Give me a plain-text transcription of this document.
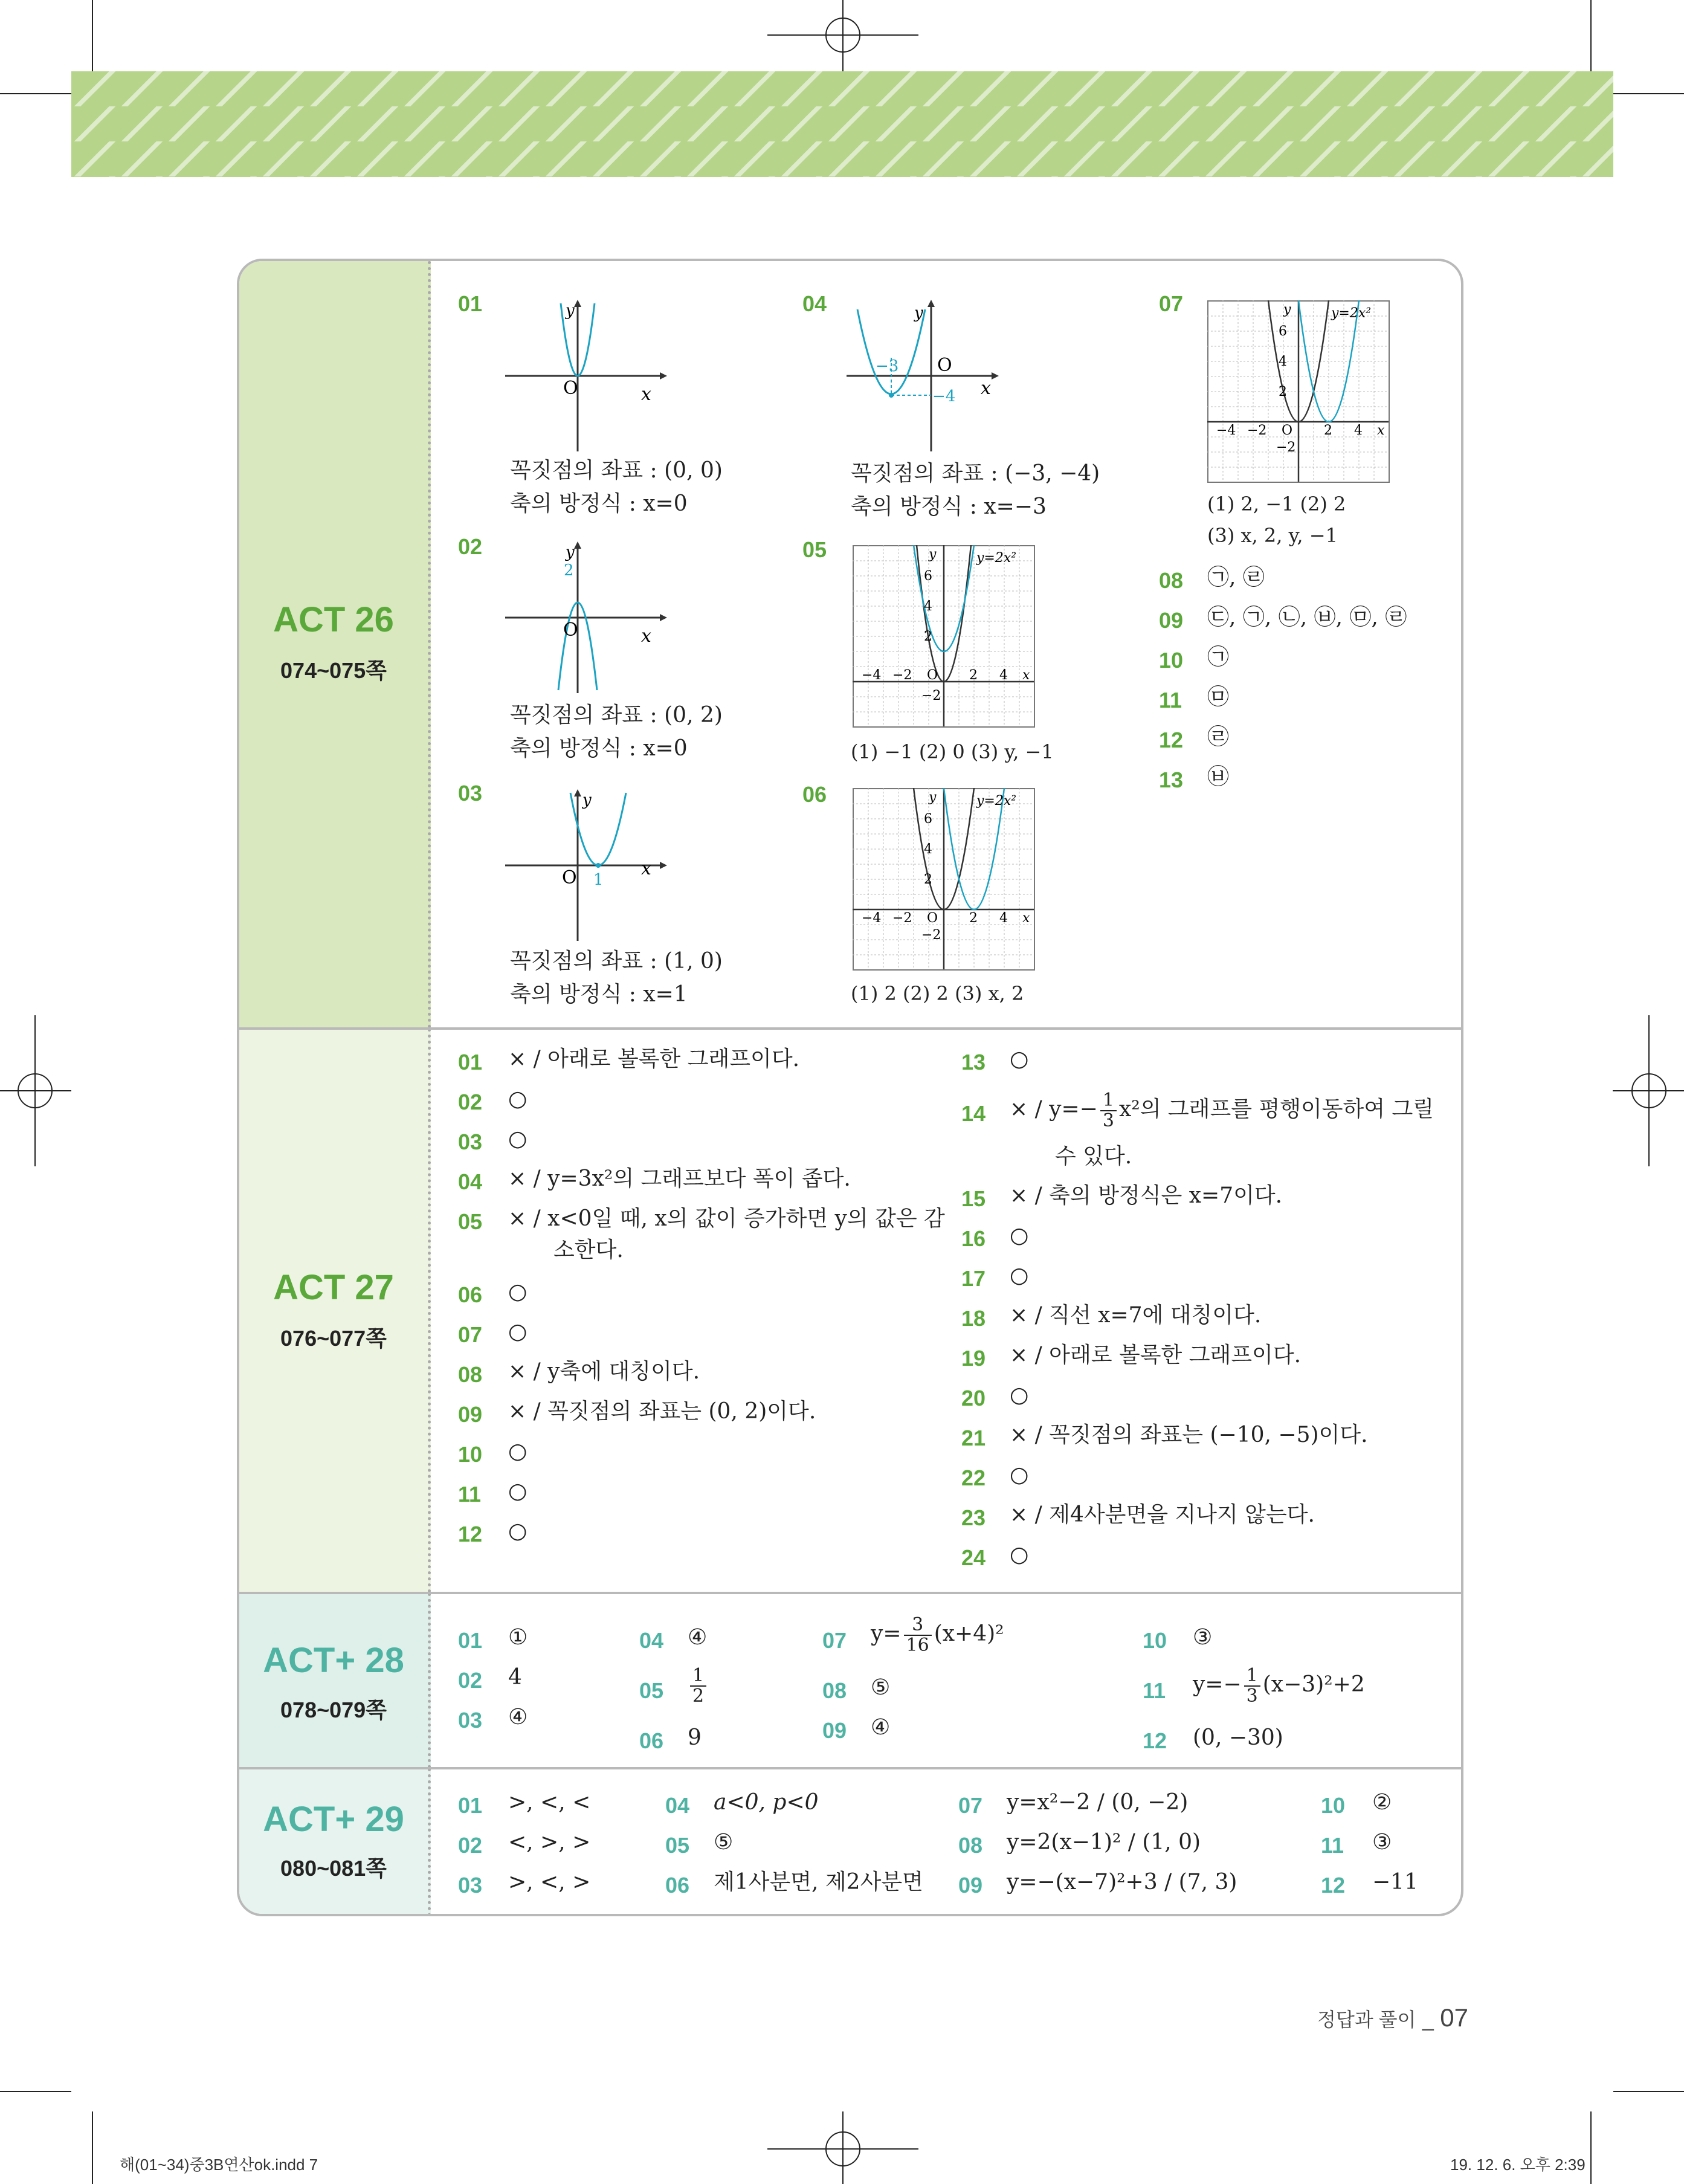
ACT 26
074~075쪽
ACT 27
076~077쪽
ACT+ 28
078~079쪽
ACT+ 29
080~081쪽
01
O	x
y
꼭짓점의 좌표 : (0, 0)
축의 방정식 : x=0
02
O	x
y
2
꼭짓점의 좌표 : (0, 2)
축의 방정식 : x=0
03
O 1
x
y
꼭짓점의 좌표 : (1, 0)
축의 방정식 : x=1
04
−3
−4
O
x
y
꼭짓점의 좌표 : (−3, −4)
축의 방정식 : x=−3
05
6
4
2
−2
−4 −2 O 2 4 x
y	y=2x²
(1) −1 (2) 0 (3) y, −1
06
6
4
2
−2
−4 −2 O 2 4 x
y	y=2x²
(1) 2 (2) 2 (3) x, 2
07
6
4
2
−2
−4 −2 O 2 4 x
y	y=2x²
(1) 2, −1 (2) 2
(3) x, 2, y, −1
08 ㉠, ㉣
09 ㉢, ㉠, ㉡, ㉥, ㉤, ㉣
10 ㉠
11 ㉤
12 ㉣
13 ㉥
01 × / 아래로 볼록한 그래프이다.
02 ○
03 ○
04 × / y=3x²의 그래프보다 폭이 좁다.
05 × / x<0일 때, x의 값이 증가하면 y의 값은 감
소한다.
06 ○
07 ○
08 × / y축에 대칭이다.
09 × / 꼭짓점의 좌표는 (0, 2)이다.
10 ○
11 ○
12 ○
13 ○
14 × / $y=- \frac{1}{3} x^2$의 그래프를 평행이동하여 그릴
수 있다.
15 × / 축의 방정식은 x=7이다.
16 ○
17 ○
18 × / 직선 x=7에 대칭이다.
19 × / 아래로 볼록한 그래프이다.
20 ○
21 × / 꼭짓점의 좌표는 (−10, −5)이다.
22 ○
23 × / 제4사분면을 지나지 않는다.
24 ○
01 ①
02 4
03 ④
04 ④
$05 \frac{1}{2}$
06 9
07 $y= \frac{3}{16} (x+4)^2$
08 ⑤
09 ④
10 ③
11 $y=- \frac{1}{3} (x-3)^2+2$
12 (0, −30)
01 >, <, <
02 <, >, >
03 >, <, >
04 a<0, p<0
05 ⑤
06 제1사분면, 제2사분면
07 y=x²−2 / (0, −2)
08 y=2(x−1)² / (1, 0)
09 y=−(x−7)²+3 / (7, 3)
10 ②
11 ③
12 −11
정답과 풀이 _ 07
해(01~34)중3B연산ok.indd 7	19. 12. 6. 오후 2:39
